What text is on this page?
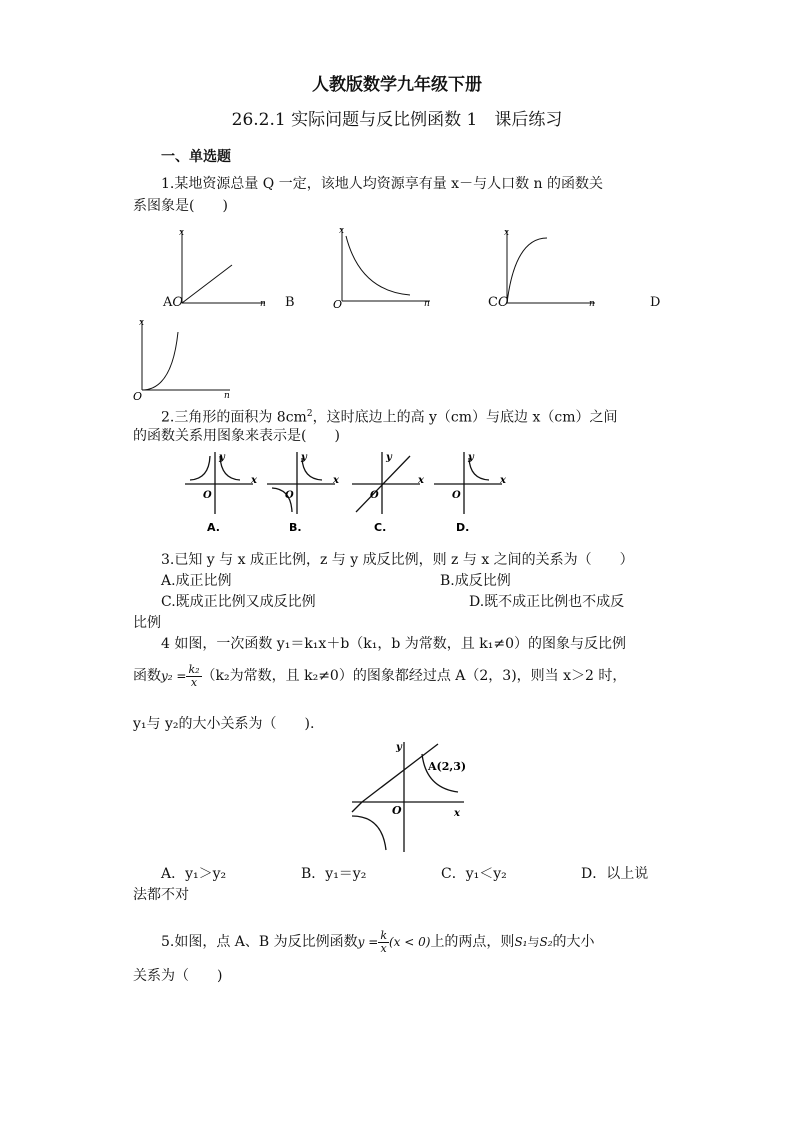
人教版数学九年级下册
26.2.1 实际问题与反比例函数 1　课后练习
一、单选题
1.某地资源总量 Q 一定，该地人均资源享有量 x－与人口数 n 的函数关
系图象是(　　)
x
n
AO
x
n
O
B
x
n
CO	D
x
n
O
2.三角形的面积为 $8cm^2$，这时底边上的高 y（cm）与底边 x（cm）之间
的函数关系用图象来表示是(　　)
y
x
O
A.
y
x
O
B.
y
x
O
C.
y
x
O
D.
3.已知 y 与 x 成正比例，z 与 y 成反比例，则 z 与 x 之间的关系为（　　）
A.成正比例	B.成反比例
C.既成正比例又成反比例	D.既不成正比例也不成反
比例
4 如图，一次函数 y₁＝k₁x＋b（k₁，b 为常数，且 k₁≠0）的图象与反比例
函数$y_2 = \frac{\text{k₂}}{x} (k_2$为常数，且 k₂≠0）的图象都经过点 A（2，3)，则当 x＞2 时，
y₁与 y₂的大小关系为（　　).
y
x
O
A(2,3)
A．y₁＞y₂	B．y₁＝y₂	C．y₁＜y₂	D．以上说
法都不对
5.如图，点 A、B 为反比例函数$y = \frac{k}{x} (x < 0)$上的两点，则S₁与S₂的大小
关系为（　　)
